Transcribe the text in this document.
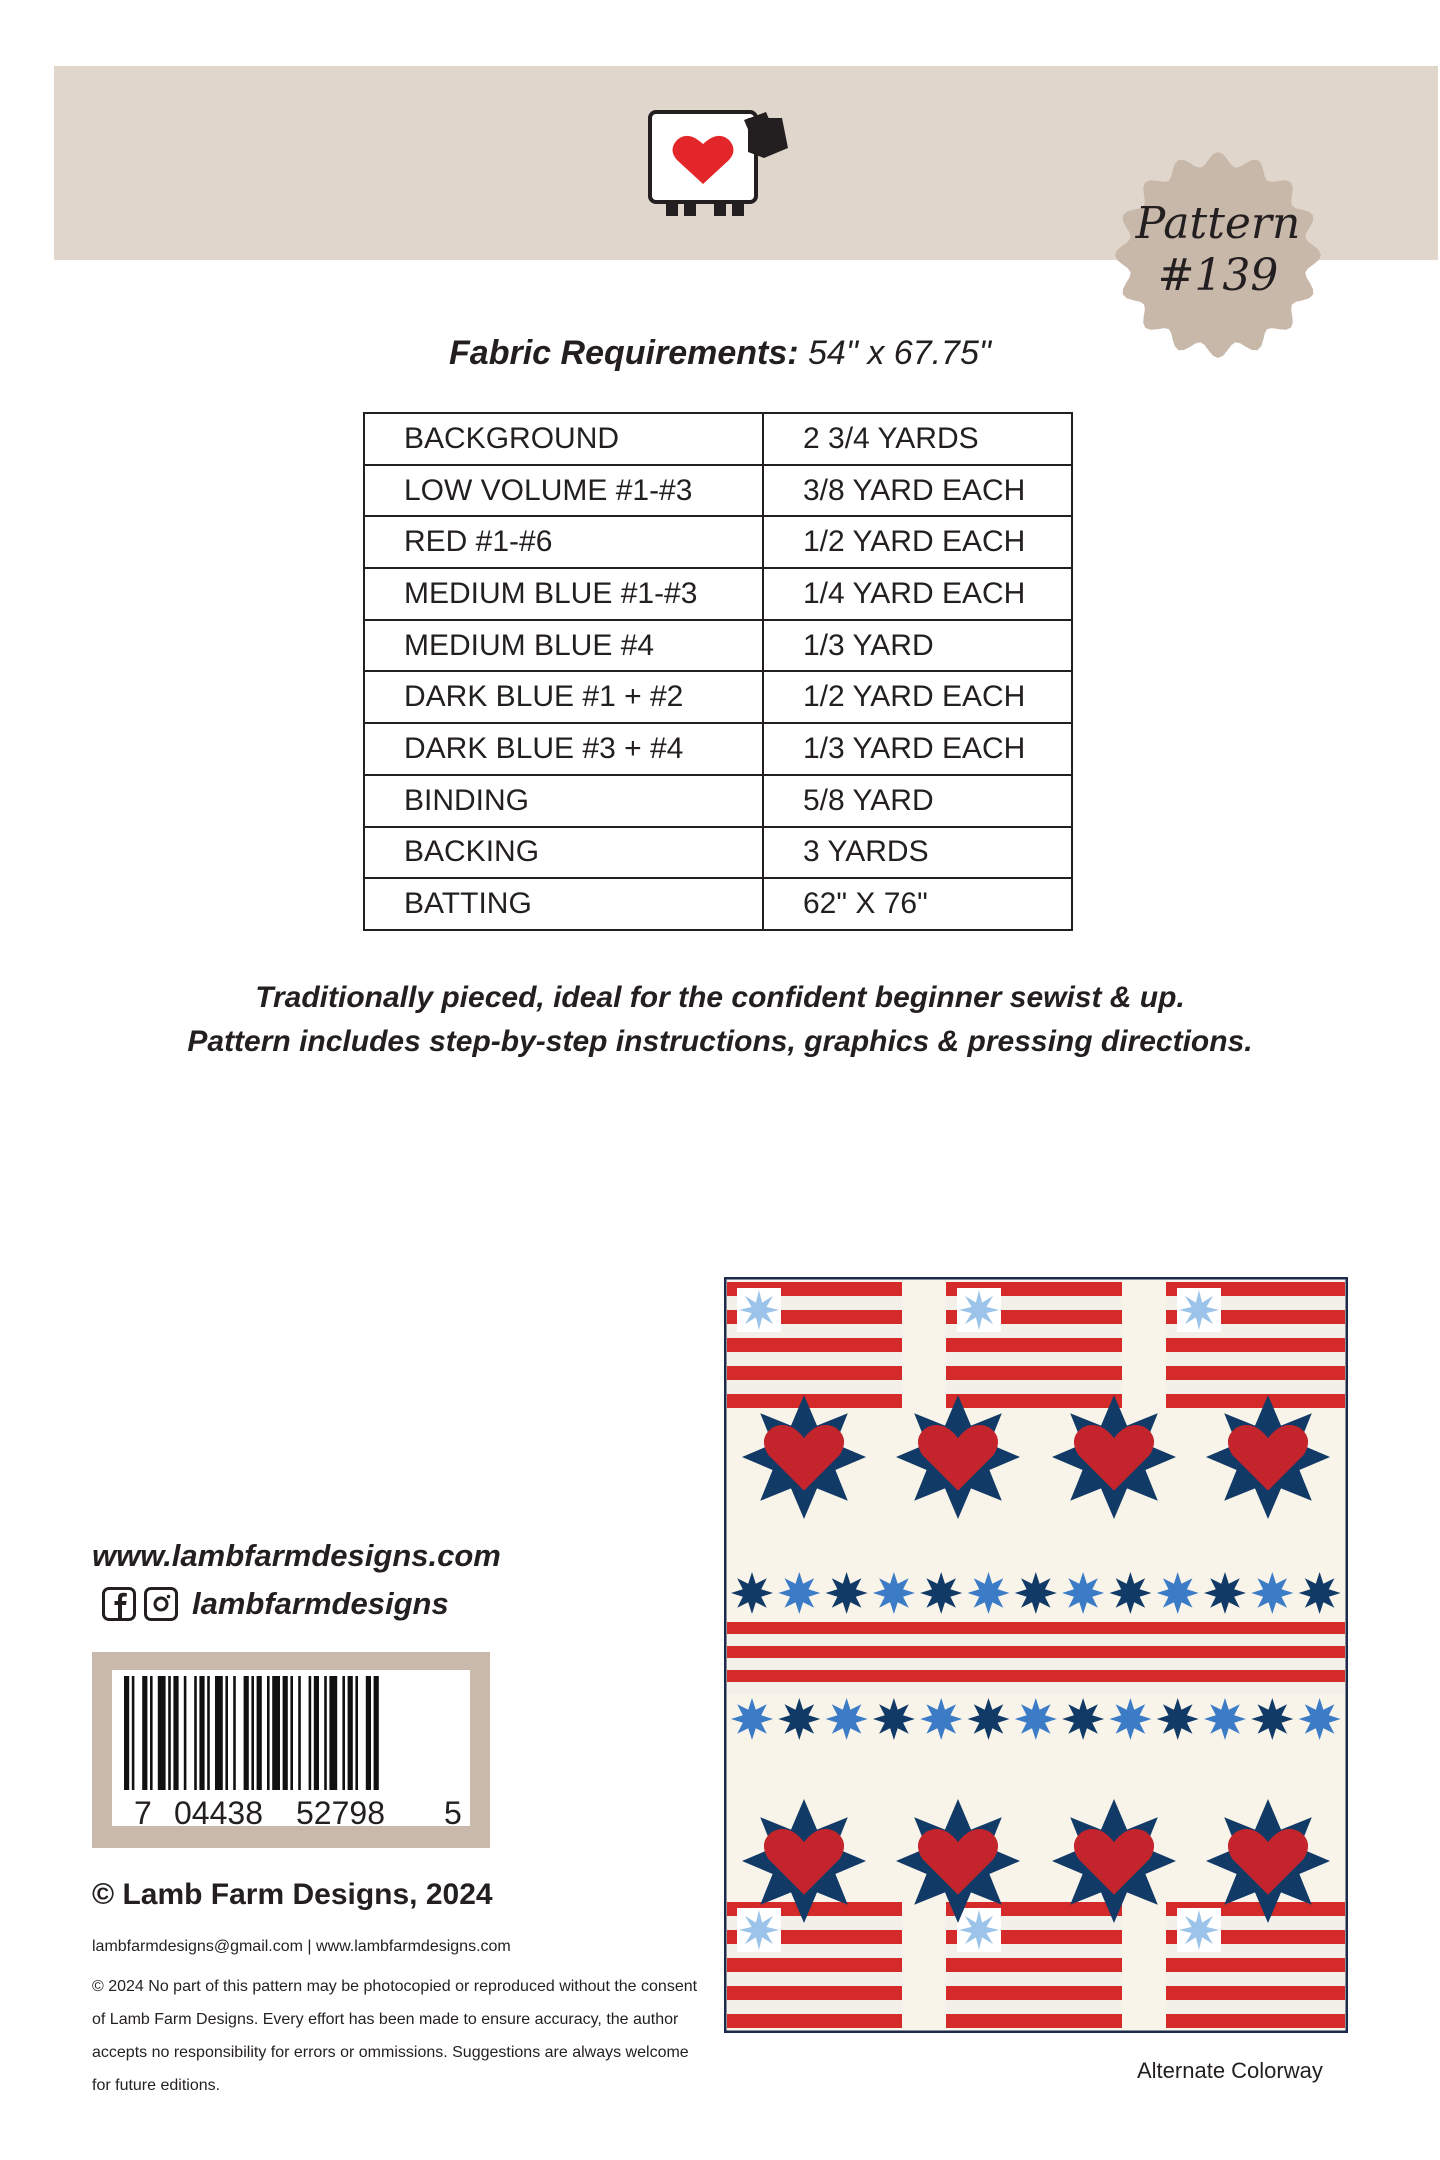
Pattern
#139
Fabric Requirements: 54" x 67.75"
BACKGROUND	2 3/4 YARDS
LOW VOLUME #1-#3	3/8 YARD EACH
RED #1-#6	1/2 YARD EACH
MEDIUM BLUE #1-#3	1/4 YARD EACH
MEDIUM BLUE #4	1/3 YARD
DARK BLUE #1 + #2	1/2 YARD EACH
DARK BLUE #3 + #4	1/3 YARD EACH
BINDING	5/8 YARD
BACKING	3 YARDS
BATTING	62" X 76"
Traditionally pieced, ideal for the confident beginner sewist & up.
Pattern includes step-by-step instructions, graphics & pressing directions.
www.lambfarmdesigns.com
lambfarmdesigns
7 04438 52798 5
© Lamb Farm Designs, 2024
lambfarmdesigns@gmail.com | www.lambfarmdesigns.com
© 2024 No part of this pattern may be photocopied or reproduced without the consent of Lamb Farm Designs. Every effort has been made to ensure accuracy, the author accepts no responsibility for errors or ommissions. Suggestions are always welcome for future editions.
Alternate Colorway
